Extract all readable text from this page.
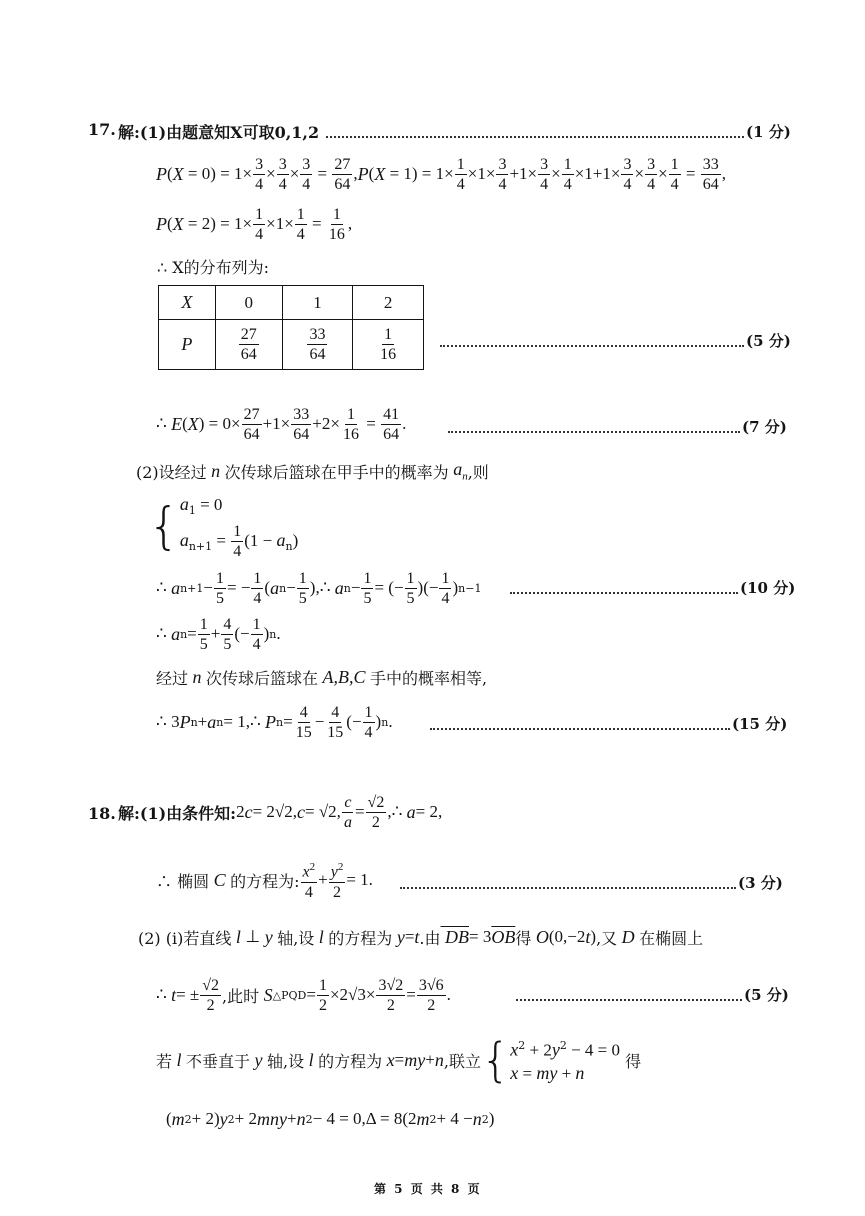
17. 解:(1)由题意知X可取0,1,2	(1 分)
P ( $X = 0) = 1\times \frac{3}{4} \times \frac{3}{4} \times \frac{3}{4} = \frac{27}{64}$ , P ( $X = 1) = 1\times \frac{1}{4} \times 1\times \frac{3}{4} +1\times \frac{3}{4} \times \frac{1}{4} \times 1+1\times \frac{3}{4} \times \frac{3}{4} \times \frac{1}{4} = \frac{33}{64}$ ,
P ( $X = 2) = 1\times \frac{1}{4} \times 1\times \frac{1}{4} = \frac{1}{16}$ ,
∴ X的分布列为:
X	0	1	2
P	$\frac{27}{64}$	$\frac{33}{64}$	$\frac{1}{16}$	(5 分)
∴ E ( X ) = $0\times \frac{27}{64} +1\times \frac{33}{64} +2\times \frac{1}{16} = \frac{41}{64}$ .	(7 分)
(2)设经过 n 次传球后篮球在甲手中的概率为 $a_n$ ,则
{ $a_1 = 0$
$a_{n+1} = \frac{1}{4} (1 - a_n)$
∴ a $n+1 - \frac{1}{5}$ = − $\frac{1}{4}$ ( a $n - \frac{1}{5}$ ),∴ a $n - \frac{1}{5}$ = (− $\frac{1}{5}$ )(− $\frac{1}{4}$ ) n−1	(10 分)
∴ a $n = \frac{1}{5} + \frac{4}{5}$ (− $\frac{1}{4}$ ) n .
经过 n 次传球后篮球在 A,B,C 手中的概率相等,
∴ 3 P n + a n = 1,∴ P $n = \frac{4}{15} - \frac{4}{15}$ (− $\frac{1}{4}$ ) n .	(15 分)
18. 解:(1)由条件知: 2 c = 2√2, c = √2, $\frac{c}{a} = \frac{√2}{2}$ ,∴ a = 2,
∴ 椭圆 C 的方程为: $\frac{x^2}{4} + \frac{y^2}{2} = 1$.	(3 分)
(2) (i)若直线 l ⊥ y 轴,设 l 的方程为 y = t .由 DB = 3 $\overline{OB}$ 得 O (0,−2 t ) ,又 D 在椭圆上
∴ t = ± $\frac{√2}{2}$ ,此时 S △PQD = $\frac{1}{2} \times 2√3\times \frac{3√2}{2} = \frac{3√6}{2}$ .	(5 分)
若 l 不垂直于 y 轴,设 l 的方程为 x = my + n ,联立 { $x^2 + 2y^2 - 4 = 0$
x = my + n

得
( m 2 + 2) y 2 + 2 mny + n 2 − 4 = 0,Δ = 8(2 m 2 + 4 − n 2 )
第 5 页 共 8 页
